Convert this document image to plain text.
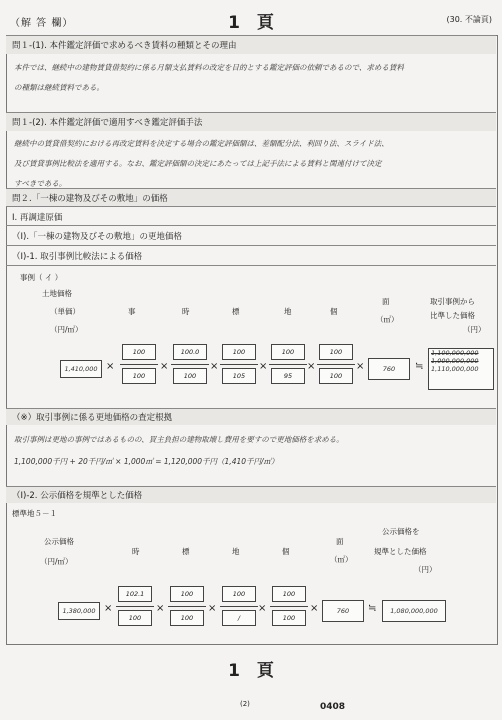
（解 答 欄）	1　頁	(30. 不論頁)
問１-(1). 本件鑑定評価で求めるべき賃料の種類とその理由
本件では、継続中の建物賃貸借契約に係る月額支払賃料の改定を目的とする鑑定評価の依頼であるので、求める賃料
の種類は継続賃料である。
問１-(2). 本件鑑定評価で適用すべき鑑定評価手法
継続中の賃貸借契約における再改定賃料を決定する場合の鑑定評価額は、差額配分法、利回り法、スライド法、
及び賃貸事例比較法を適用する。なお、鑑定評価額の決定にあたっては上記手法による賃料と関連付けて決定
すべきである。
問２.「一棟の建物及びその敷地」の価格
Ⅰ. 再調達原価
（Ⅰ).「一棟の建物及びその敷地」の更地価格
（Ⅰ)-1. 取引事例比較法による価格
事例（ イ ）
土地価格
（単価）
（円/㎡）
事	時	標	地	個
面
（㎡）
取引事例から
比準した価格
（円）
1,410,000 ×
$\frac{100}{100}$
×
$\frac{100.0}{100}$
×
$\frac{100}{105}$
×
$\frac{100}{95}$
×
$\frac{100}{100}$
×	760	≒
1,100,000,000
1,000,000,000
1,110,000,000
（※）取引事例に係る更地価格の査定根拠
取引事例は更地の事例ではあるものの、買主負担の建物取壊し費用を要すので更地価格を求める。
1,100,000千円 + 20千円/㎡ × 1,000㎡ = 1,120,000千円（1,410千円/㎡）
（Ⅰ)-2. 公示価格を規準とした価格
標準地５－１
公示価格
（円/㎡）
時	標	地	個
面
（㎡）
公示価格を
規準とした価格
（円）
1,380,000 ×
$\frac{102.1}{100}$
×
$\frac{100}{100}$
×
100
/
×
$\frac{100}{100}$
×	760	≒	1,080,000,000
1　頁
(2)	0408
